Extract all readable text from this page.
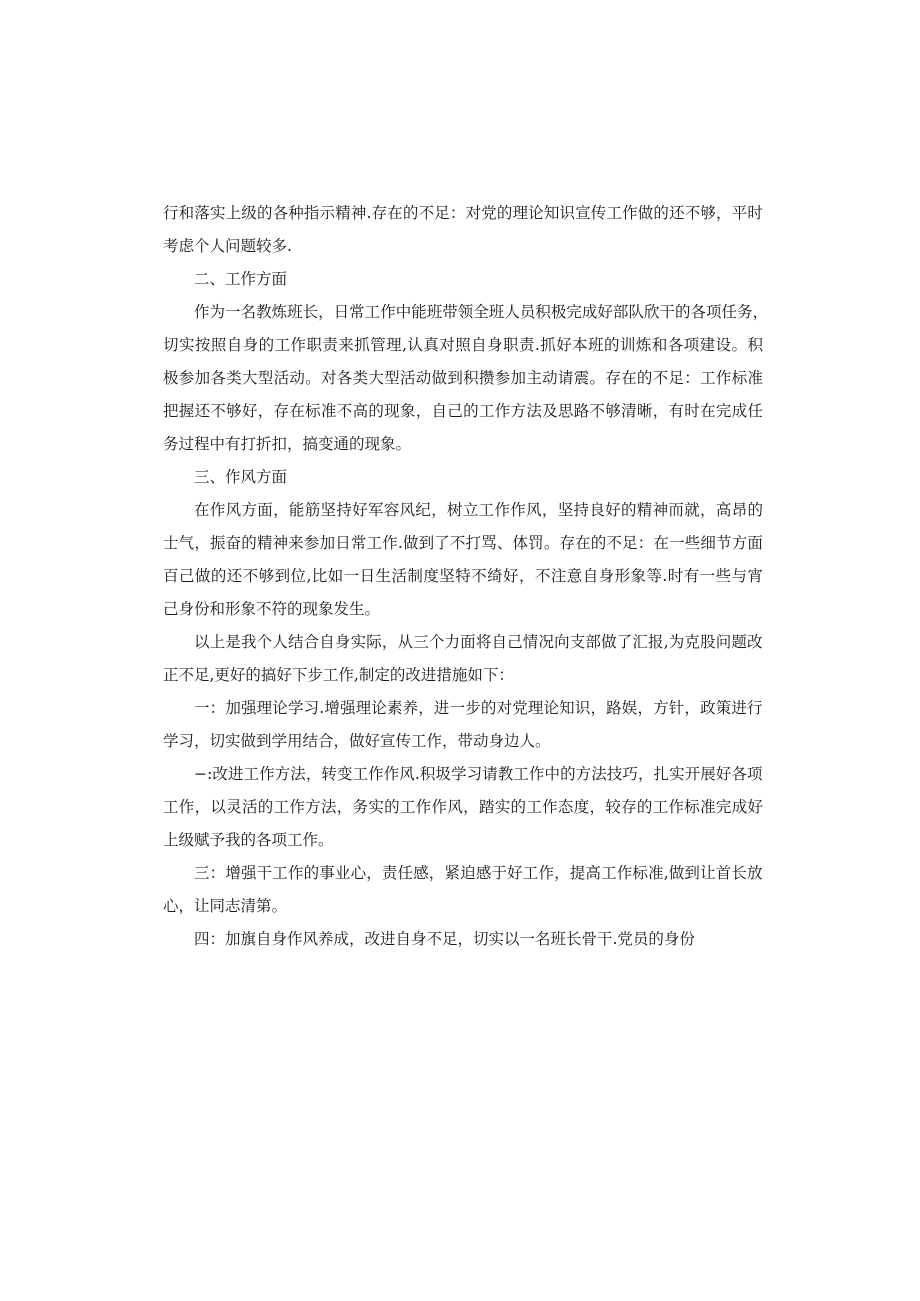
行 和 落 实 上 级 的 各 种 指 示 精 神 . 存 在 的 不 足 ： 对 党 的 理 论 知 识 宣 传 工 作 做 的 还 不 够 ， 平 时
考虑个人问题较多.
二、工作方面
作 为 一 名 教 炼 班 长 ， 日 常 工 作 中 能 班 带 领 全 班 人 员 积 极 完 成 好 部 队 欣 干 的 各 项 任 务 ，
切 实 按 照 自 身 的 工 作 职 责 来 抓 管 理 , 认 真 对 照 自 身 职 责 . 抓 好 本 班 的 训 炼 和 各 项 建 设 。 积
极 参 加 各 类 大 型 活 动 。 对 各 类 大 型 活 动 做 到 积 攒 参 加 主 动 请 震 。 存 在 的 不 足 ： 工 作 标 准
把 握 还 不 够 好 ， 存 在 标 准 不 高 的 现 象 ， 自 己 的 工 作 方 法 及 思 路 不 够 清 晰 ， 有 时 在 完 成 任
务过程中有打折扣，搞变通的现象。
三、作风方面
在 作 风 方 面 ， 能 筋 坚 持 好 军 容 风 纪 ， 树 立 工 作 作 风 ， 坚 持 良 好 的 精 神 而 就 ， 高 昂 的
士 气 ， 振 奋 的 精 神 来 参 加 日 常 工 作 . 做 到 了 不 打 骂 、 体 罚 。 存 在 的 不 足 ： 在 一 些 细 节 方 面
百 己 做 的 还 不 够 到 位 , 比 如 一 日 生 活 制 度 坚 特 不 绮 好 ， 不 注 意 自 身 形 象 等 . 时 有 一 些 与 宵
己身份和形象不符的现象发生。
以 上 是 我 个 人 结 合 自 身 实 际 ， 从 三 个 力 面 将 自 己 情 况 向 支 部 做 了 汇 报 , 为 克 股 问 题 改
正不足,更好的搞好下步工作,制定的改进措施如下：
一 ： 加 强 理 论 学 习 . 增 强 理 论 素 养 ， 进 一 步 的 对 党 理 论 知 识 ， 路 娱 ， 方 针 ， 政 策 进 行
学习，切实做到学用结合，做好宣传工作，带动身边人。
− : 改 进 工 作 方 法 ， 转 变 工 作 作 风 . 积 圾 学 习 请 教 工 作 中 的 方 法 技 巧 ， 扎 实 开 展 好 各 项
工 作 ， 以 灵 活 的 工 作 方 法 ， 务 实 的 工 作 作 风 ， 踏 实 的 工 作 态 度 ， 较 存 的 工 作 标 准 完 成 好
上级赋予我的各项工作。
三 ： 增 强 干 工 作 的 事 业 心 ， 责 任 感 ， 紧 迫 感 于 好 工 作 ， 提 高 工 作 标 准 , 做 到 让 首 长 放
心，让同志清第。
四：加旗自身作风养成，改进自身不足，切实以一名班长骨干.党员的身份
